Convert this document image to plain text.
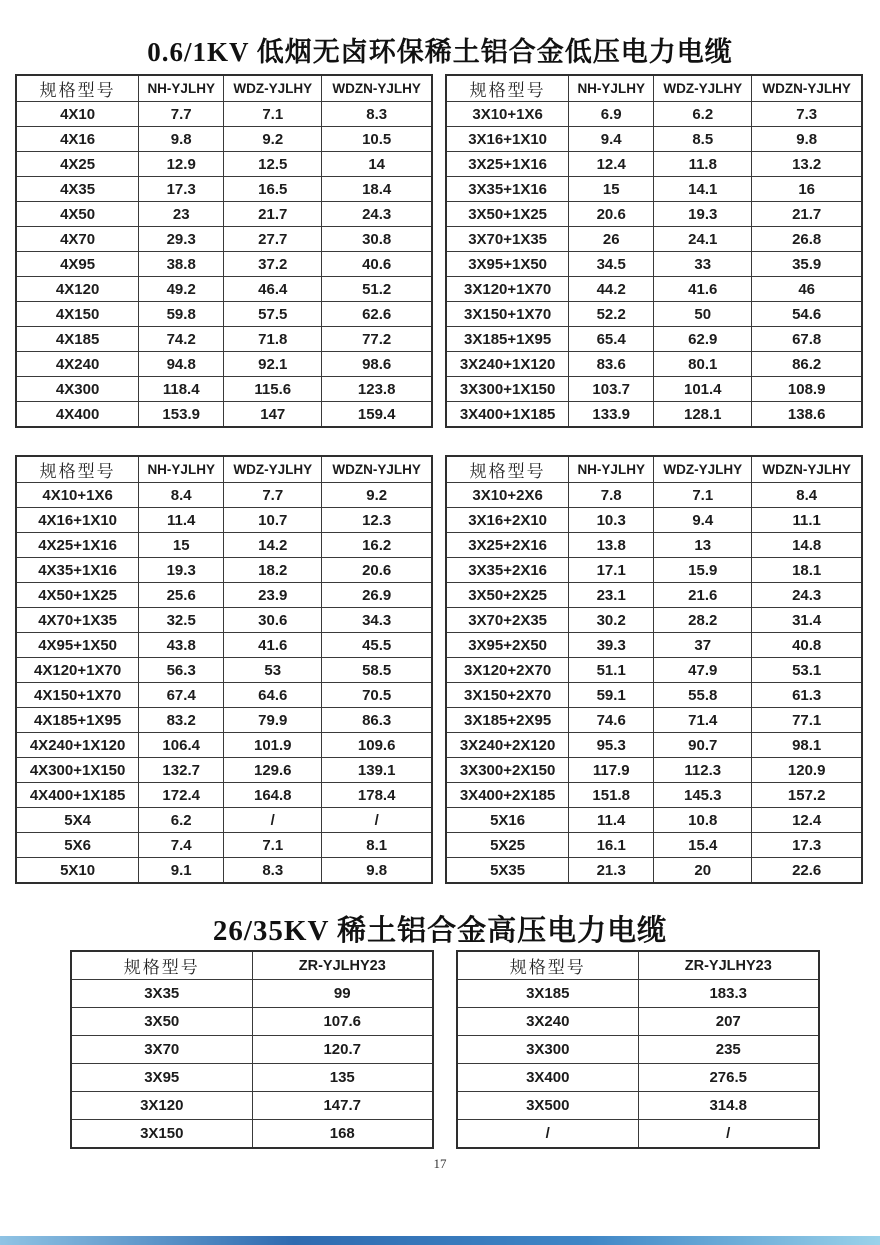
0.6/1KV 低烟无卤环保稀土铝合金低压电力电缆
规格型号	NH-YJLHY	WDZ-YJLHY	WDZN-YJLHY
4X10	7.7	7.1	8.3
4X16	9.8	9.2	10.5
4X25	12.9	12.5	14
4X35	17.3	16.5	18.4
4X50	23	21.7	24.3
4X70	29.3	27.7	30.8
4X95	38.8	37.2	40.6
4X120	49.2	46.4	51.2
4X150	59.8	57.5	62.6
4X185	74.2	71.8	77.2
4X240	94.8	92.1	98.6
4X300	118.4	115.6	123.8
4X400	153.9	147	159.4
规格型号	NH-YJLHY	WDZ-YJLHY	WDZN-YJLHY
3X10+1X6	6.9	6.2	7.3
3X16+1X10	9.4	8.5	9.8
3X25+1X16	12.4	11.8	13.2
3X35+1X16	15	14.1	16
3X50+1X25	20.6	19.3	21.7
3X70+1X35	26	24.1	26.8
3X95+1X50	34.5	33	35.9
3X120+1X70	44.2	41.6	46
3X150+1X70	52.2	50	54.6
3X185+1X95	65.4	62.9	67.8
3X240+1X120	83.6	80.1	86.2
3X300+1X150	103.7	101.4	108.9
3X400+1X185	133.9	128.1	138.6
规格型号	NH-YJLHY	WDZ-YJLHY	WDZN-YJLHY
4X10+1X6	8.4	7.7	9.2
4X16+1X10	11.4	10.7	12.3
4X25+1X16	15	14.2	16.2
4X35+1X16	19.3	18.2	20.6
4X50+1X25	25.6	23.9	26.9
4X70+1X35	32.5	30.6	34.3
4X95+1X50	43.8	41.6	45.5
4X120+1X70	56.3	53	58.5
4X150+1X70	67.4	64.6	70.5
4X185+1X95	83.2	79.9	86.3
4X240+1X120	106.4	101.9	109.6
4X300+1X150	132.7	129.6	139.1
4X400+1X185	172.4	164.8	178.4
5X4	6.2	/	/
5X6	7.4	7.1	8.1
5X10	9.1	8.3	9.8
规格型号	NH-YJLHY	WDZ-YJLHY	WDZN-YJLHY
3X10+2X6	7.8	7.1	8.4
3X16+2X10	10.3	9.4	11.1
3X25+2X16	13.8	13	14.8
3X35+2X16	17.1	15.9	18.1
3X50+2X25	23.1	21.6	24.3
3X70+2X35	30.2	28.2	31.4
3X95+2X50	39.3	37	40.8
3X120+2X70	51.1	47.9	53.1
3X150+2X70	59.1	55.8	61.3
3X185+2X95	74.6	71.4	77.1
3X240+2X120	95.3	90.7	98.1
3X300+2X150	117.9	112.3	120.9
3X400+2X185	151.8	145.3	157.2
5X16	11.4	10.8	12.4
5X25	16.1	15.4	17.3
5X35	21.3	20	22.6
26/35KV 稀土铝合金高压电力电缆
规格型号	ZR-YJLHY23
3X35	99
3X50	107.6
3X70	120.7
3X95	135
3X120	147.7
3X150	168
规格型号	ZR-YJLHY23
3X185	183.3
3X240	207
3X300	235
3X400	276.5
3X500	314.8
/	/
17
